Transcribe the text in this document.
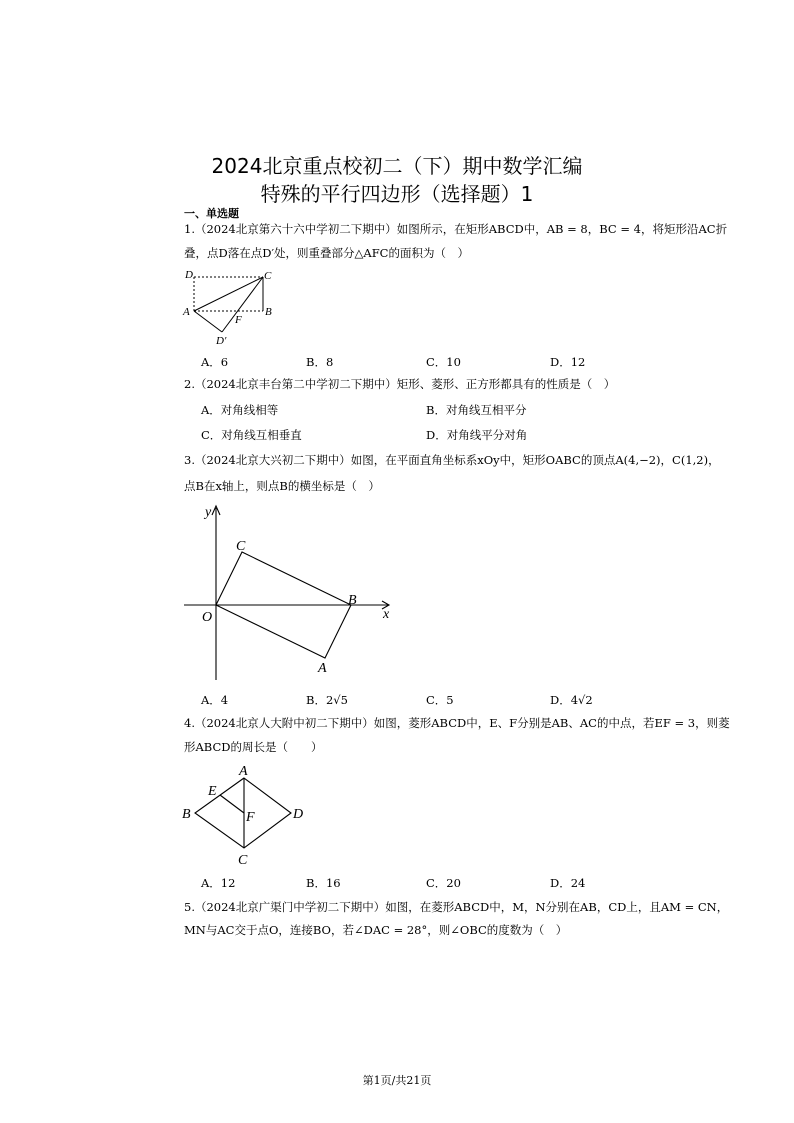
2024北京重点校初二（下）期中数学汇编
特殊的平行四边形（选择题）1
一、单选题
1.（2024北京第六十六中学初二下期中）如图所示，在矩形ABCD中，AB = 8，BC = 4，将矩形沿AC折
叠，点D落在点D′处，则重叠部分△AFC的面积为（　）
D	C
A	B
F
D′
A．6	B．8	C．10	D．12
2.（2024北京丰台第二中学初二下期中）矩形、菱形、正方形都具有的性质是（　）
A．对角线相等	B．对角线互相平分
C．对角线互相垂直	D．对角线平分对角
3.（2024北京大兴初二下期中）如图，在平面直角坐标系xOy中，矩形OABC的顶点A(4,−2)，C(1,2)，
点B在x轴上，则点B的横坐标是（　）
y
x
O
C
B
A
A．4	B．2√5	C．5	D．4√2
4.（2024北京人大附中初二下期中）如图，菱形ABCD中，E、F分别是AB、AC的中点，若EF = 3，则菱
形ABCD的周长是（　　）
A
B
C
D
E
F
A．12	B．16	C．20	D．24
5.（2024北京广渠门中学初二下期中）如图，在菱形ABCD中，M，N分别在AB，CD上，且AM = CN，
MN与AC交于点O，连接BO，若∠DAC = 28°，则∠OBC的度数为（　）
第1页/共21页
